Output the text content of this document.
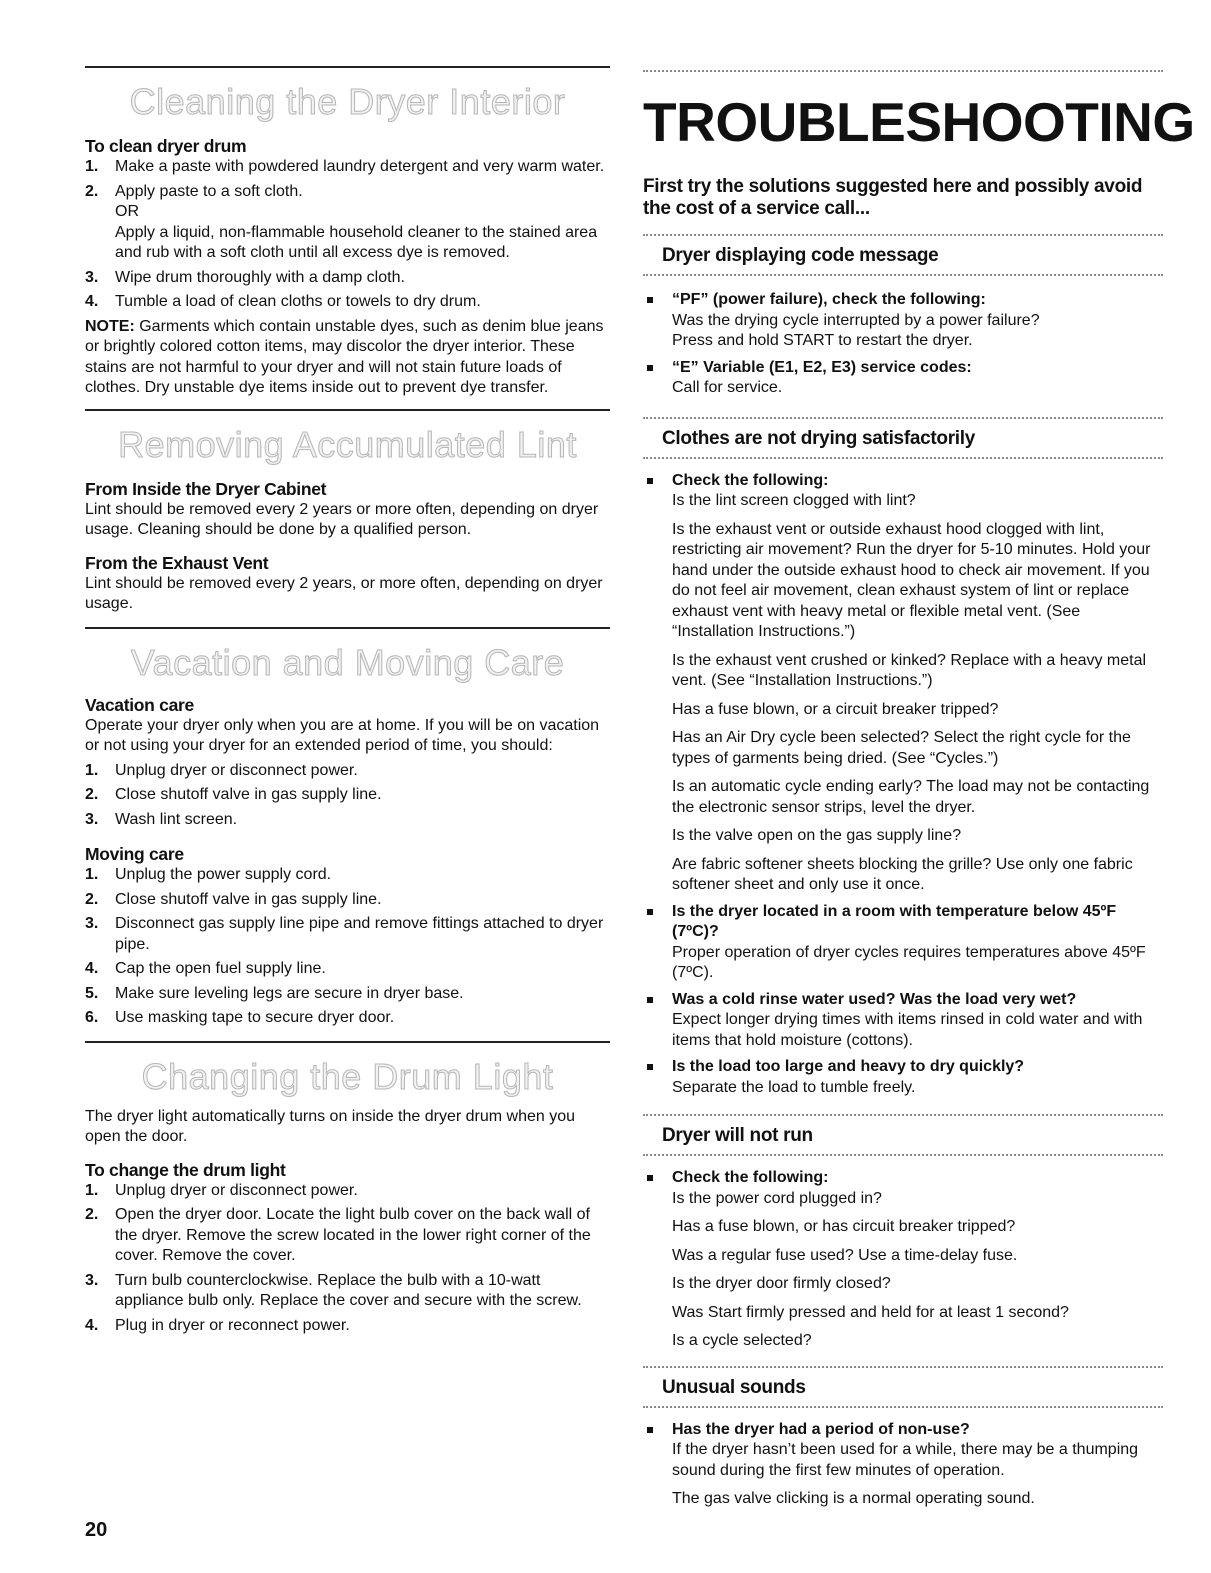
Cleaning the Dryer Interior
To clean dryer drum
1. Make a paste with powdered laundry detergent and very warm water.
2. Apply paste to a soft cloth.
OR
Apply a liquid, non-flammable household cleaner to the stained area and rub with a soft cloth until all excess dye is removed.
3. Wipe drum thoroughly with a damp cloth.
4. Tumble a load of clean cloths or towels to dry drum.

NOTE: Garments which contain unstable dyes, such as denim blue jeans or brightly colored cotton items, may discolor the dryer interior. These stains are not harmful to your dryer and will not stain future loads of clothes. Dry unstable dye items inside out to prevent dye transfer.

Removing Accumulated Lint
From Inside the Dryer Cabinet

Lint should be removed every 2 years or more often, depending on dryer usage. Cleaning should be done by a qualified person.

From the Exhaust Vent

Lint should be removed every 2 years, or more often, depending on dryer usage.

Vacation and Moving Care
Vacation care

Operate your dryer only when you are at home. If you will be on vacation or not using your dryer for an extended period of time, you should:

1. Unplug dryer or disconnect power.
2. Close shutoff valve in gas supply line.
3. Wash lint screen.
Moving care
1. Unplug the power supply cord.
2. Close shutoff valve in gas supply line.
3. Disconnect gas supply line pipe and remove fittings attached to dryer pipe.
4. Cap the open fuel supply line.
5. Make sure leveling legs are secure in dryer base.
6. Use masking tape to secure dryer door.
Changing the Drum Light

The dryer light automatically turns on inside the dryer drum when you open the door.

To change the drum light
1. Unplug dryer or disconnect power.
2. Open the dryer door. Locate the light bulb cover on the back wall of the dryer. Remove the screw located in the lower right corner of the cover. Remove the cover.
3. Turn bulb counterclockwise. Replace the bulb with a 10-watt appliance bulb only. Replace the cover and secure with the screw.
4. Plug in dryer or reconnect power.
TROUBLESHOOTING
First try the solutions suggested here and possibly avoid the cost of a service call...
Dryer displaying code message
“PF” (power failure), check the following:

Was the drying cycle interrupted by a power failure?

Press and hold START to restart the dryer.

“E” Variable (E1, E2, E3) service codes:

Call for service.

Clothes are not drying satisfactorily
Check the following:

Is the lint screen clogged with lint?

Is the exhaust vent or outside exhaust hood clogged with lint, restricting air movement? Run the dryer for 5-10 minutes. Hold your hand under the outside exhaust hood to check air movement. If you do not feel air movement, clean exhaust system of lint or replace exhaust vent with heavy metal or flexible metal vent. (See “Installation Instructions.”)

Is the exhaust vent crushed or kinked? Replace with a heavy metal vent. (See “Installation Instructions.”)

Has a fuse blown, or a circuit breaker tripped?

Has an Air Dry cycle been selected? Select the right cycle for the types of garments being dried. (See “Cycles.”)

Is an automatic cycle ending early? The load may not be contacting the electronic sensor strips, level the dryer.

Is the valve open on the gas supply line?

Are fabric softener sheets blocking the grille? Use only one fabric softener sheet and only use it once.

Is the dryer located in a room with temperature below 45ºF (7ºC)?

Proper operation of dryer cycles requires temperatures above 45ºF (7ºC).

Was a cold rinse water used? Was the load very wet?

Expect longer drying times with items rinsed in cold water and with items that hold moisture (cottons).

Is the load too large and heavy to dry quickly?

Separate the load to tumble freely.

Dryer will not run
Check the following:

Is the power cord plugged in?

Has a fuse blown, or has circuit breaker tripped?

Was a regular fuse used? Use a time-delay fuse.

Is the dryer door firmly closed?

Was Start firmly pressed and held for at least 1 second?

Is a cycle selected?

Unusual sounds
Has the dryer had a period of non-use?

If the dryer hasn’t been used for a while, there may be a thumping sound during the first few minutes of operation.

The gas valve clicking is a normal operating sound.

20
